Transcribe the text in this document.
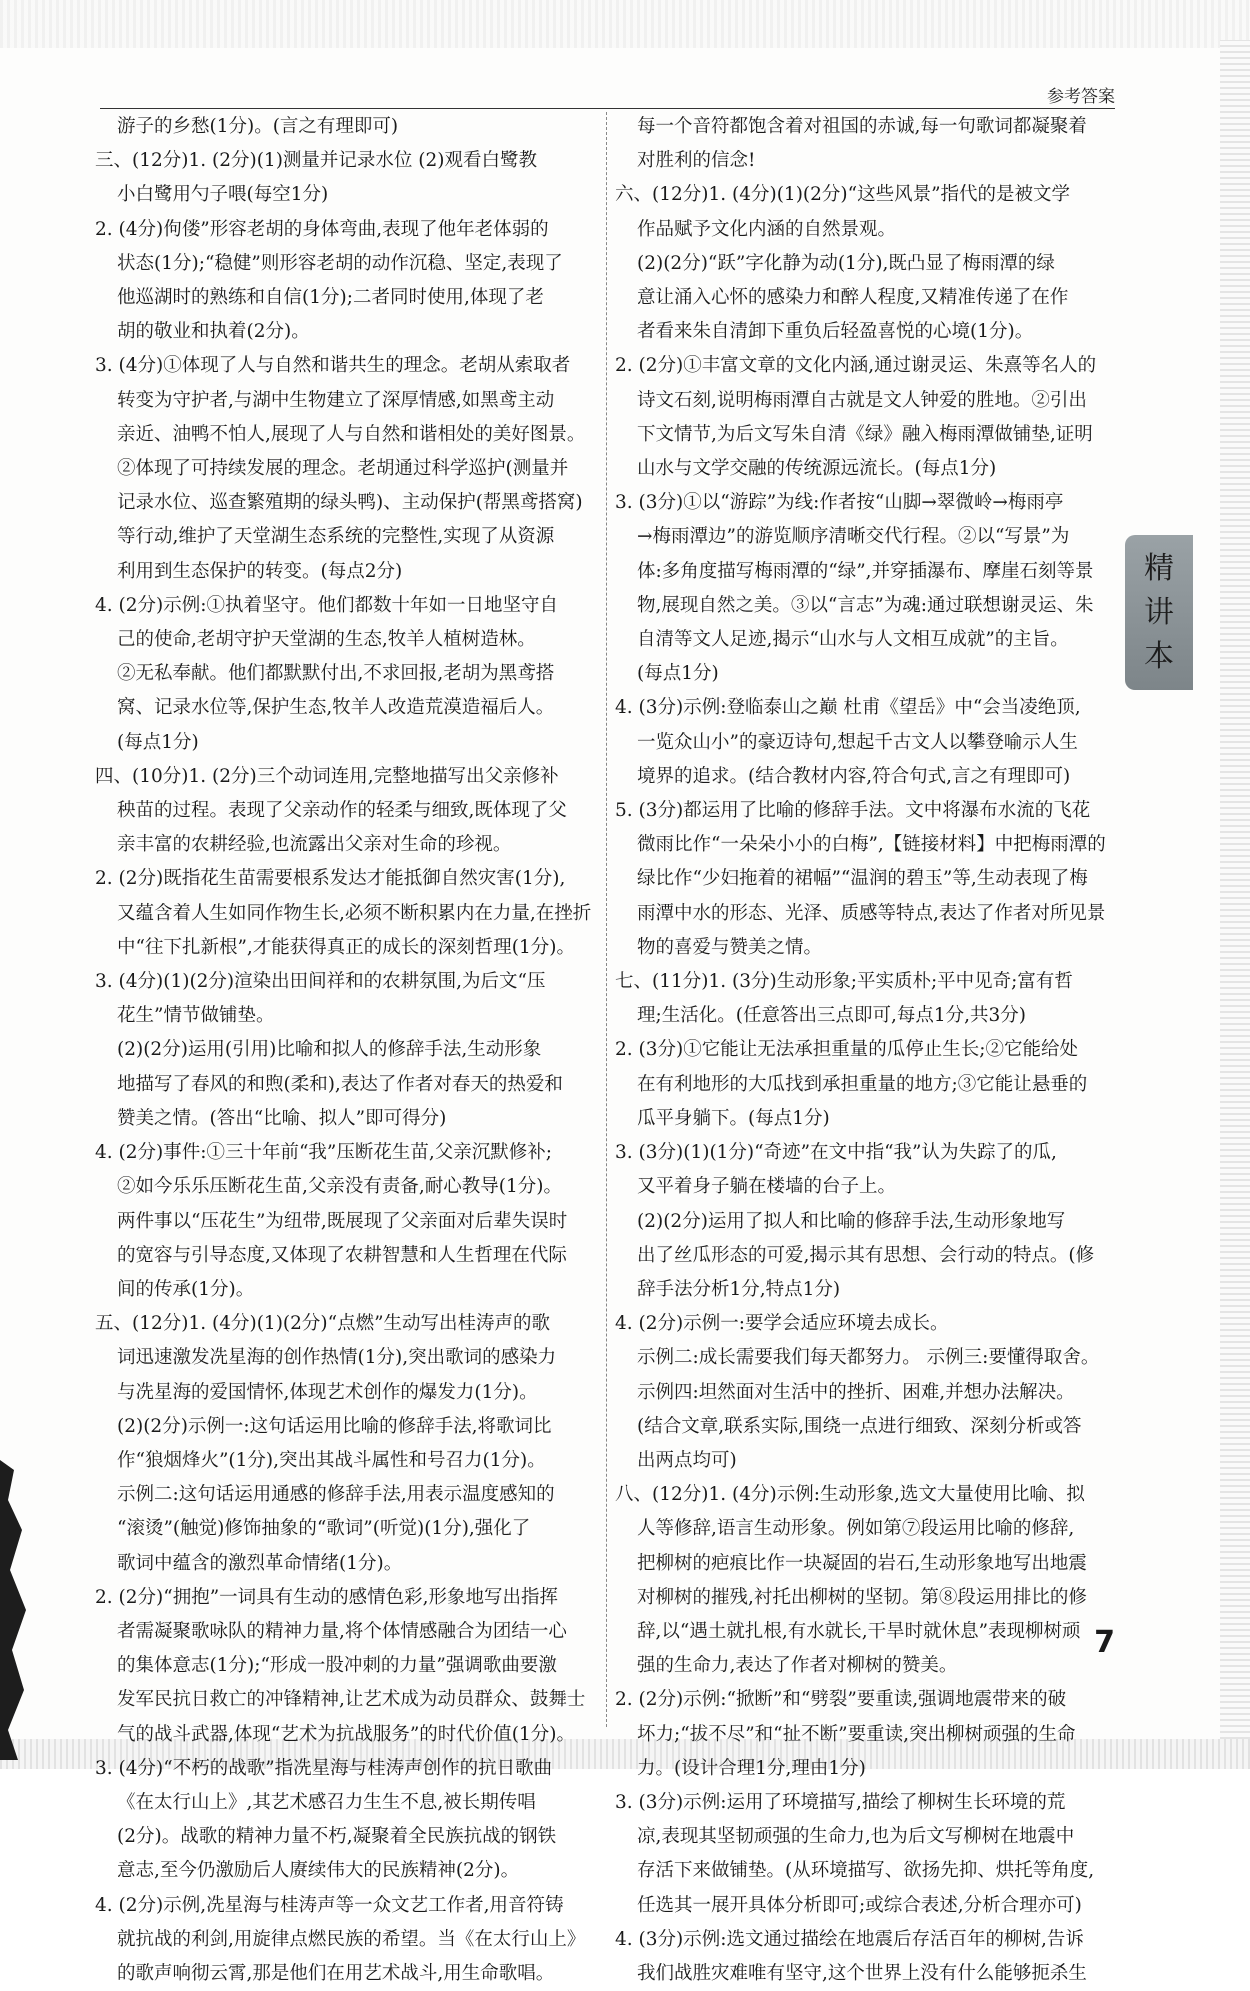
参考答案

游子的乡愁(1分)。(言之有理即可)

三、(12分)1. (2分)(1)测量并记录水位 (2)观看白鹭教

小白鹭用勺子喂(每空1分)

2. (4分)佝偻”形容老胡的身体弯曲,表现了他年老体弱的

状态(1分);“稳健”则形容老胡的动作沉稳、坚定,表现了

他巡湖时的熟练和自信(1分);二者同时使用,体现了老

胡的敬业和执着(2分)。

3. (4分)①体现了人与自然和谐共生的理念。老胡从索取者

转变为守护者,与湖中生物建立了深厚情感,如黑鸢主动

亲近、油鸭不怕人,展现了人与自然和谐相处的美好图景。

②体现了可持续发展的理念。老胡通过科学巡护(测量并

记录水位、巡查繁殖期的绿头鸭)、主动保护(帮黑鸢搭窝)

等行动,维护了天堂湖生态系统的完整性,实现了从资源

利用到生态保护的转变。(每点2分)

4. (2分)示例:①执着坚守。他们都数十年如一日地坚守自

己的使命,老胡守护天堂湖的生态,牧羊人植树造林。

②无私奉献。他们都默默付出,不求回报,老胡为黑鸢搭

窝、记录水位等,保护生态,牧羊人改造荒漠造福后人。

(每点1分)

四、(10分)1. (2分)三个动词连用,完整地描写出父亲修补

秧苗的过程。表现了父亲动作的轻柔与细致,既体现了父

亲丰富的农耕经验,也流露出父亲对生命的珍视。

2. (2分)既指花生苗需要根系发达才能抵御自然灾害(1分),

又蕴含着人生如同作物生长,必须不断积累内在力量,在挫折

中“往下扎新根”,才能获得真正的成长的深刻哲理(1分)。

3. (4分)(1)(2分)渲染出田间祥和的农耕氛围,为后文“压

花生”情节做铺垫。

(2)(2分)运用(引用)比喻和拟人的修辞手法,生动形象

地描写了春风的和煦(柔和),表达了作者对春天的热爱和

赞美之情。(答出“比喻、拟人”即可得分)

4. (2分)事件:①三十年前“我”压断花生苗,父亲沉默修补;

②如今乐乐压断花生苗,父亲没有责备,耐心教导(1分)。

两件事以“压花生”为纽带,既展现了父亲面对后辈失误时

的宽容与引导态度,又体现了农耕智慧和人生哲理在代际

间的传承(1分)。

五、(12分)1. (4分)(1)(2分)“点燃”生动写出桂涛声的歌

词迅速激发冼星海的创作热情(1分),突出歌词的感染力

与冼星海的爱国情怀,体现艺术创作的爆发力(1分)。

(2)(2分)示例一:这句话运用比喻的修辞手法,将歌词比

作“狼烟烽火”(1分),突出其战斗属性和号召力(1分)。

示例二:这句话运用通感的修辞手法,用表示温度感知的

“滚烫”(触觉)修饰抽象的“歌词”(听觉)(1分),强化了

歌词中蕴含的激烈革命情绪(1分)。

2. (2分)“拥抱”一词具有生动的感情色彩,形象地写出指挥

者需凝聚歌咏队的精神力量,将个体情感融合为团结一心

的集体意志(1分);“形成一股冲刺的力量”强调歌曲要激

发军民抗日救亡的冲锋精神,让艺术成为动员群众、鼓舞士

气的战斗武器,体现“艺术为抗战服务”的时代价值(1分)。

3. (4分)“不朽的战歌”指冼星海与桂涛声创作的抗日歌曲

《在太行山上》,其艺术感召力生生不息,被长期传唱

(2分)。战歌的精神力量不朽,凝聚着全民族抗战的钢铁

意志,至今仍激励后人赓续伟大的民族精神(2分)。

4. (2分)示例,冼星海与桂涛声等一众文艺工作者,用音符铸

就抗战的利剑,用旋律点燃民族的希望。当《在太行山上》

的歌声响彻云霄,那是他们在用艺术战斗,用生命歌唱。

每一个音符都饱含着对祖国的赤诚,每一句歌词都凝聚着

对胜利的信念!

六、(12分)1. (4分)(1)(2分)“这些风景”指代的是被文学

作品赋予文化内涵的自然景观。

(2)(2分)“跃”字化静为动(1分),既凸显了梅雨潭的绿

意让涌入心怀的感染力和醉人程度,又精准传递了在作

者看来朱自清卸下重负后轻盈喜悦的心境(1分)。

2. (2分)①丰富文章的文化内涵,通过谢灵运、朱熹等名人的

诗文石刻,说明梅雨潭自古就是文人钟爱的胜地。②引出

下文情节,为后文写朱自清《绿》融入梅雨潭做铺垫,证明

山水与文学交融的传统源远流长。(每点1分)

3. (3分)①以“游踪”为线:作者按“山脚→翠微岭→梅雨亭

→梅雨潭边”的游览顺序清晰交代行程。②以“写景”为

体:多角度描写梅雨潭的“绿”,并穿插瀑布、摩崖石刻等景

物,展现自然之美。③以“言志”为魂:通过联想谢灵运、朱

自清等文人足迹,揭示“山水与人文相互成就”的主旨。

(每点1分)

4. (3分)示例:登临泰山之巅 杜甫《望岳》中“会当凌绝顶,

一览众山小”的豪迈诗句,想起千古文人以攀登喻示人生

境界的追求。(结合教材内容,符合句式,言之有理即可)

5. (3分)都运用了比喻的修辞手法。文中将瀑布水流的飞花

微雨比作“一朵朵小小的白梅”,【链接材料】中把梅雨潭的

绿比作“少妇拖着的裙幅”“温润的碧玉”等,生动表现了梅

雨潭中水的形态、光泽、质感等特点,表达了作者对所见景

物的喜爱与赞美之情。

七、(11分)1. (3分)生动形象;平实质朴;平中见奇;富有哲

理;生活化。(任意答出三点即可,每点1分,共3分)

2. (3分)①它能让无法承担重量的瓜停止生长;②它能给处

在有利地形的大瓜找到承担重量的地方;③它能让悬垂的

瓜平身躺下。(每点1分)

3. (3分)(1)(1分)“奇迹”在文中指“我”认为失踪了的瓜,

又平着身子躺在楼墙的台子上。

(2)(2分)运用了拟人和比喻的修辞手法,生动形象地写

出了丝瓜形态的可爱,揭示其有思想、会行动的特点。(修

辞手法分析1分,特点1分)

4. (2分)示例一:要学会适应环境去成长。

示例二:成长需要我们每天都努力。 示例三:要懂得取舍。

示例四:坦然面对生活中的挫折、困难,并想办法解决。

(结合文章,联系实际,围绕一点进行细致、深刻分析或答

出两点均可)

八、(12分)1. (4分)示例:生动形象,选文大量使用比喻、拟

人等修辞,语言生动形象。例如第⑦段运用比喻的修辞,

把柳树的疤痕比作一块凝固的岩石,生动形象地写出地震

对柳树的摧残,衬托出柳树的坚韧。第⑧段运用排比的修

辞,以“遇土就扎根,有水就长,干旱时就休息”表现柳树顽

强的生命力,表达了作者对柳树的赞美。

2. (2分)示例:“掀断”和“劈裂”要重读,强调地震带来的破

坏力;“拔不尽”和“扯不断”要重读,突出柳树顽强的生命

力。(设计合理1分,理由1分)

3. (3分)示例:运用了环境描写,描绘了柳树生长环境的荒

凉,表现其坚韧顽强的生命力,也为后文写柳树在地震中

存活下来做铺垫。(从环境描写、欲扬先抑、烘托等角度,

任选其一展开具体分析即可;或综合表述,分析合理亦可)

4. (3分)示例:选文通过描绘在地震后存活百年的柳树,告诉

我们战胜灾难唯有坚守,这个世界上没有什么能够扼杀生

精
讲
本
7
